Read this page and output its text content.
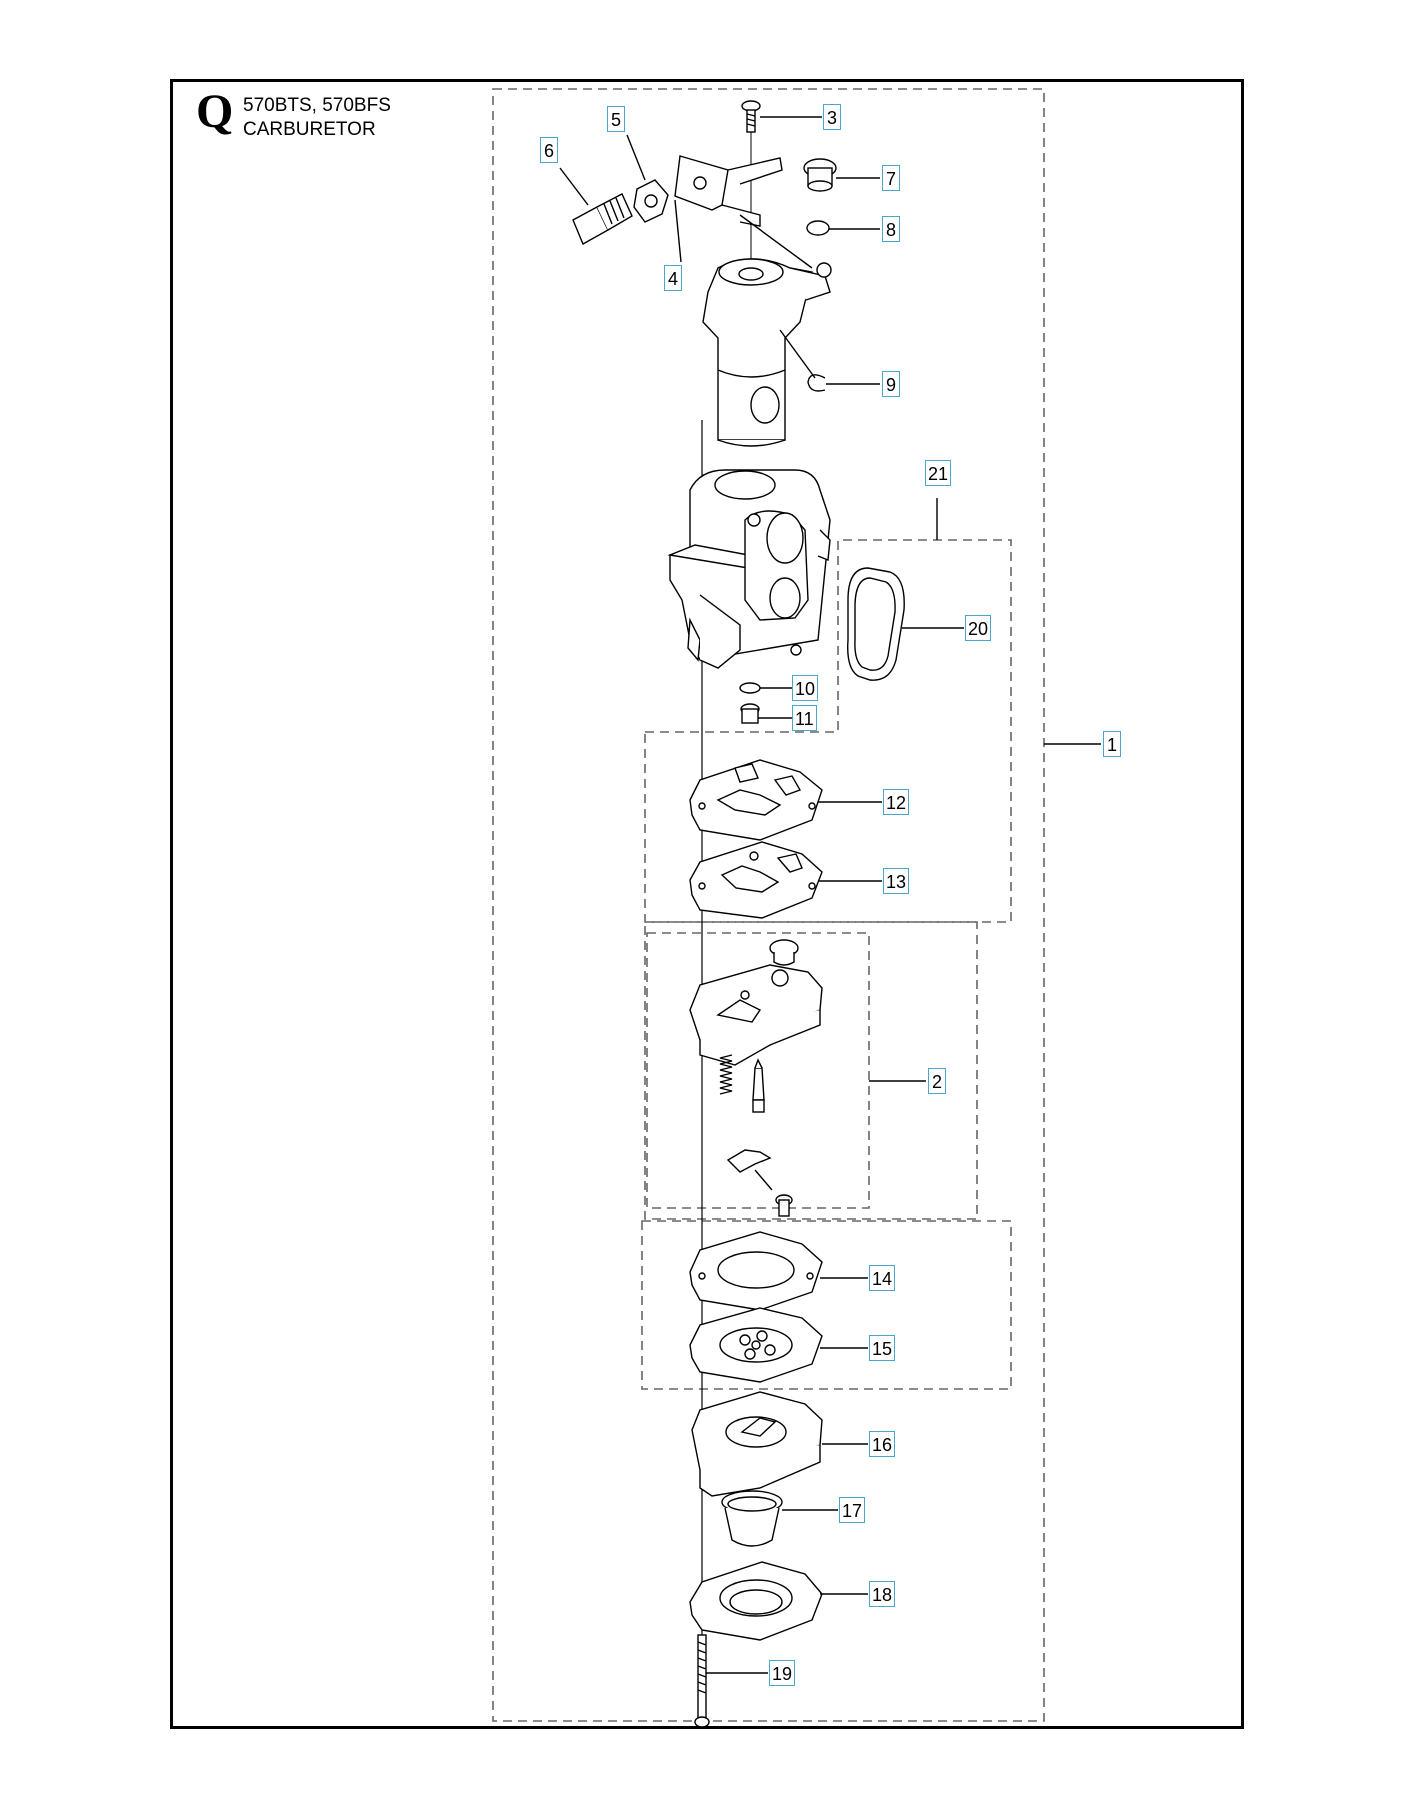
Q 570BTS, 570BFS
CARBURETOR
1
2
3
4
5
6
7
8
9
10
11
12
13
14
15
16
17
18
19
20
21
